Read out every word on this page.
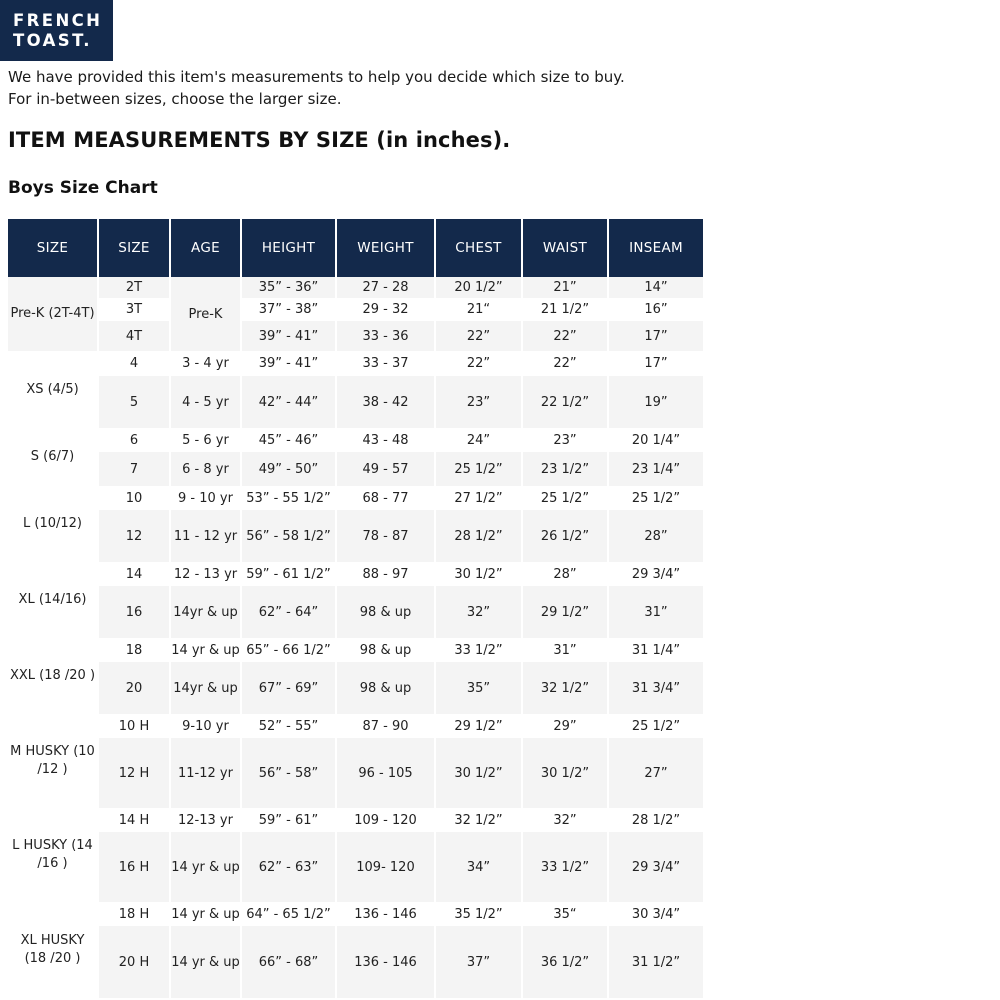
FRENCH
TOAST.
We have provided this item's measurements to help you decide which size to buy.
For in-between sizes, choose the larger size.
ITEM MEASUREMENTS BY SIZE (in inches).
Boys Size Chart
SIZE	SIZE	AGE	HEIGHT	WEIGHT	CHEST	WAIST	INSEAM
Pre-K (2T-4T)	2T	Pre-K	35” - 36”	27 - 28	20 1/2”	21”	14”
	3T		37” - 38”	29 - 32	21“	21 1/2”	16”
	4T		39” - 41”	33 - 36	22”	22”	17”
XS (4/5)	4	3 - 4 yr	39” - 41”	33 - 37	22”	22”	17”
	5	4 - 5 yr	42” - 44”	38 - 42	23”	22 1/2”	19”
S (6/7)	6	5 - 6 yr	45” - 46”	43 - 48	24”	23”	20 1/4”
	7	6 - 8 yr	49” - 50”	49 - 57	25 1/2”	23 1/2”	23 1/4”
L (10/12)	10	9 - 10 yr	53” - 55 1/2”	68 - 77	27 1/2”	25 1/2”	25 1/2”
	12	11 - 12 yr	56” - 58 1/2”	78 - 87	28 1/2”	26 1/2”	28”
XL (14/16)	14	12 - 13 yr	59” - 61 1/2”	88 - 97	30 1/2”	28”	29 3/4”
	16	14yr & up	62” - 64”	98 & up	32”	29 1/2”	31”
XXL (18 /20 )	18	14 yr & up	65” - 66 1/2”	98 & up	33 1/2”	31”	31 1/4”
	20	14yr & up	67” - 69”	98 & up	35”	32 1/2”	31 3/4”
M HUSKY (10 /12 )	10 H	9-10 yr	52” - 55”	87 - 90	29 1/2”	29”	25 1/2”
	12 H	11-12 yr	56” - 58”	96 - 105	30 1/2”	30 1/2”	27”
L HUSKY (14 /16 )	14 H	12-13 yr	59” - 61”	109 - 120	32 1/2”	32”	28 1/2”
	16 H	14 yr & up	62” - 63”	109- 120	34”	33 1/2”	29 3/4”
XL HUSKY (18 /20 )	18 H	14 yr & up	64” - 65 1/2”	136 - 146	35 1/2”	35“	30 3/4”
	20 H	14 yr & up	66” - 68”	136 - 146	37”	36 1/2”	31 1/2”
